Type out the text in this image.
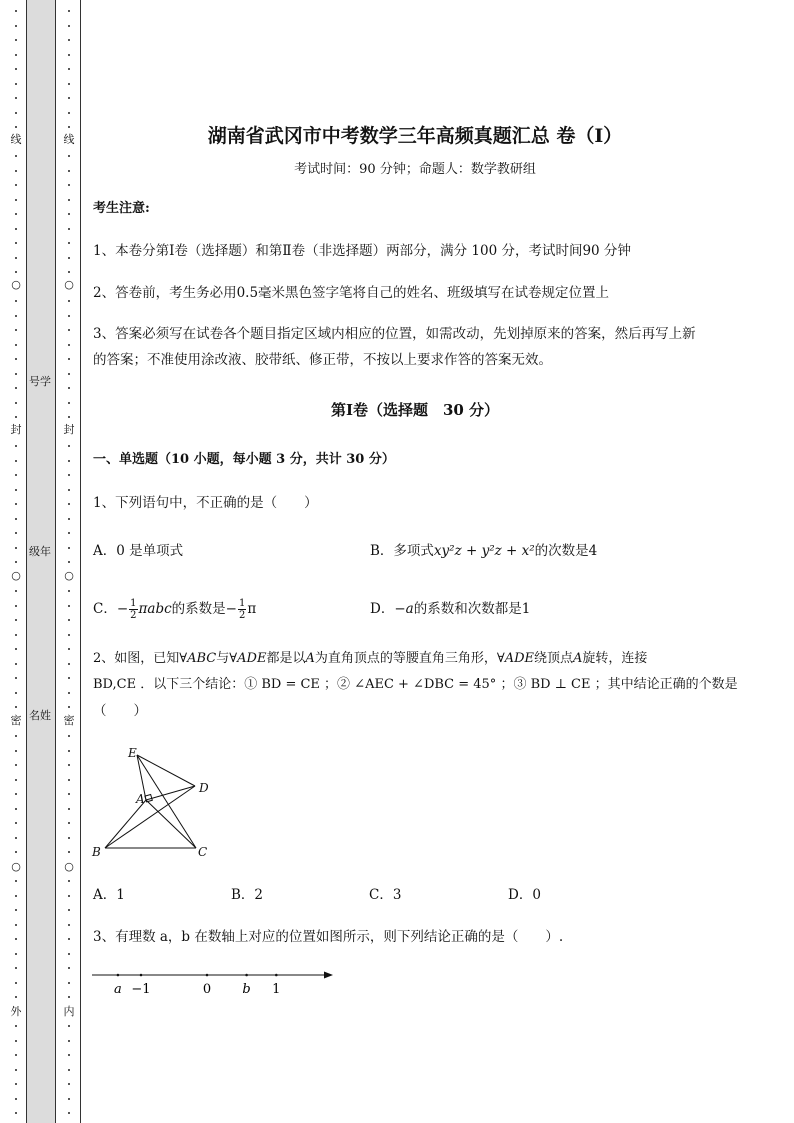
线
○
封
○
密
○
外
线
○
封
○
密
○
内
号学
级年
名姓
湖南省武冈市中考数学三年高频真题汇总 卷（Ⅰ）
考试时间：90 分钟；命题人：数学教研组
考生注意:
1、本卷分第Ⅰ卷（选择题）和第Ⅱ卷（非选择题）两部分，满分 100 分，考试时间90 分钟
2、答卷前，考生务必用0.5毫米黑色签字笔将自己的姓名、班级填写在试卷规定位置上
3、答案必须写在试卷各个题目指定区域内相应的位置，如需改动，先划掉原来的答案，然后再写上新
的答案；不准使用涂改液、胶带纸、修正带，不按以上要求作答的答案无效。
第Ⅰ卷（选择题　30 分）
一、单选题（10 小题，每小题 3 分，共计 30 分）
1、下列语句中，不正确的是（　　）
A．0 是单项式	B．多项式xy²z + y²z + x²的次数是4
C．− $\frac{1}{2}$ πabc的系数是− $\frac{1}{2}$ π	D．−a的系数和次数都是1
2、如图，已知∀ABC与∀ADE都是以A为直角顶点的等腰直角三角形，∀ADE绕顶点A旋转，连接
BD,CE ．以下三个结论：① BD = CE ；② ∠AEC + ∠DBC = 45° ；③ BD ⊥ CE ；其中结论正确的个数是
（　　）
E
A
D
B	C
A．1	B．2	C．3	D．0
3、有理数 a，b 在数轴上对应的位置如图所示，则下列结论正确的是（　　）.
a −1	0 b 1
